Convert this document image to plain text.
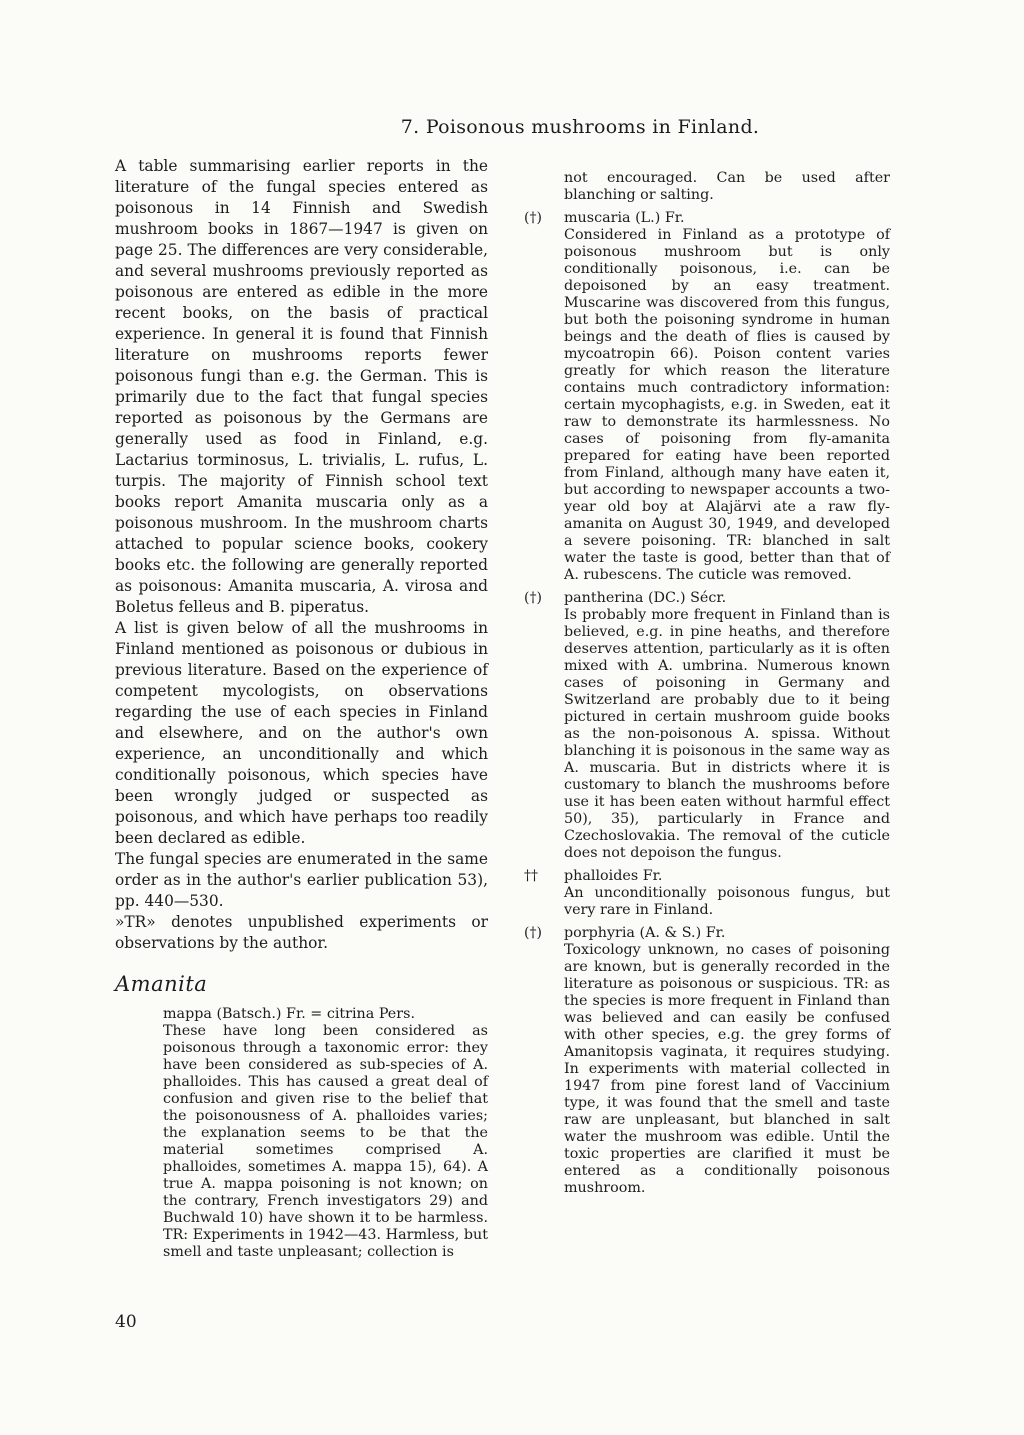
7. Poisonous mushrooms in Finland.

A table summarising earlier reports in the literature of the fungal species entered as poisonous in 14 Finnish and Swedish mushroom books in 1867—1947 is given on page 25. The differences are very considerable, and several mushrooms previously reported as poisonous are entered as edible in the more recent books, on the basis of practical experience. In general it is found that Finnish literature on mushrooms reports fewer poisonous fungi than e.g. the German. This is primarily due to the fact that fungal species reported as poisonous by the Germans are generally used as food in Finland, e.g. Lactarius torminosus, L. trivialis, L. rufus, L. turpis. The majority of Finnish school text books report Amanita muscaria only as a poisonous mushroom. In the mushroom charts attached to popular science books, cookery books etc. the following are generally reported as poisonous: Amanita muscaria, A. virosa and Boletus felleus and B. piperatus.

A list is given below of all the mushrooms in Finland mentioned as poisonous or dubious in previous literature. Based on the experience of competent mycologists, on observations regarding the use of each species in Finland and elsewhere, and on the author's own experience, an unconditionally and which conditionally poisonous, which species have been wrongly judged or suspected as poisonous, and which have perhaps too readily been declared as edible.

The fungal species are enumerated in the same order as in the author's earlier publication 53), pp. 440—530.

»TR» denotes unpublished experiments or observations by the author.

Amanita
mappa (Batsch.) Fr. = citrina Pers.

These have long been considered as poisonous through a taxonomic error: they have been considered as sub-species of A. phalloides. This has caused a great deal of confusion and given rise to the belief that the poisonousness of A. phalloides varies; the explanation seems to be that the material sometimes comprised A. phalloides, sometimes A. mappa 15), 64). A true A. mappa poisoning is not known; on the contrary, French investigators 29) and Buchwald 10) have shown it to be harmless. TR: Experiments in 1942—43. Harmless, but smell and taste unpleasant; collection is

not encouraged. Can be used after blanching or salting.

(†)	muscaria (L.) Fr.

Considered in Finland as a prototype of poisonous mushroom but is only conditionally poisonous, i.e. can be depoisoned by an easy treatment. Muscarine was discovered from this fungus, but both the poisoning syndrome in human beings and the death of flies is caused by mycoatropin 66). Poison content varies greatly for which reason the literature contains much contradictory information: certain mycophagists, e.g. in Sweden, eat it raw to demonstrate its harmlessness. No cases of poisoning from fly-amanita prepared for eating have been reported from Finland, although many have eaten it, but according to newspaper accounts a two-year old boy at Alajärvi ate a raw fly-amanita on August 30, 1949, and developed a severe poisoning. TR: blanched in salt water the taste is good, better than that of A. rubescens. The cuticle was removed.

(†)	pantherina (DC.) Sécr.

Is probably more frequent in Finland than is believed, e.g. in pine heaths, and therefore deserves attention, particularly as it is often mixed with A. umbrina. Numerous known cases of poisoning in Germany and Switzerland are probably due to it being pictured in certain mushroom guide books as the non-poisonous A. spissa. Without blanching it is poisonous in the same way as A. muscaria. But in districts where it is customary to blanch the mushrooms before use it has been eaten without harmful effect 50), 35), particularly in France and Czechoslovakia. The removal of the cuticle does not depoison the fungus.

††	phalloides Fr.

An unconditionally poisonous fungus, but very rare in Finland.

(†)	porphyria (A. & S.) Fr.

Toxicology unknown, no cases of poisoning are known, but is generally recorded in the literature as poisonous or suspicious. TR: as the species is more frequent in Finland than was believed and can easily be confused with other species, e.g. the grey forms of Amanitopsis vaginata, it requires studying. In experiments with material collected in 1947 from pine forest land of Vaccinium type, it was found that the smell and taste raw are unpleasant, but blanched in salt water the mushroom was edible. Until the toxic properties are clarified it must be entered as a conditionally poisonous mushroom.

40
